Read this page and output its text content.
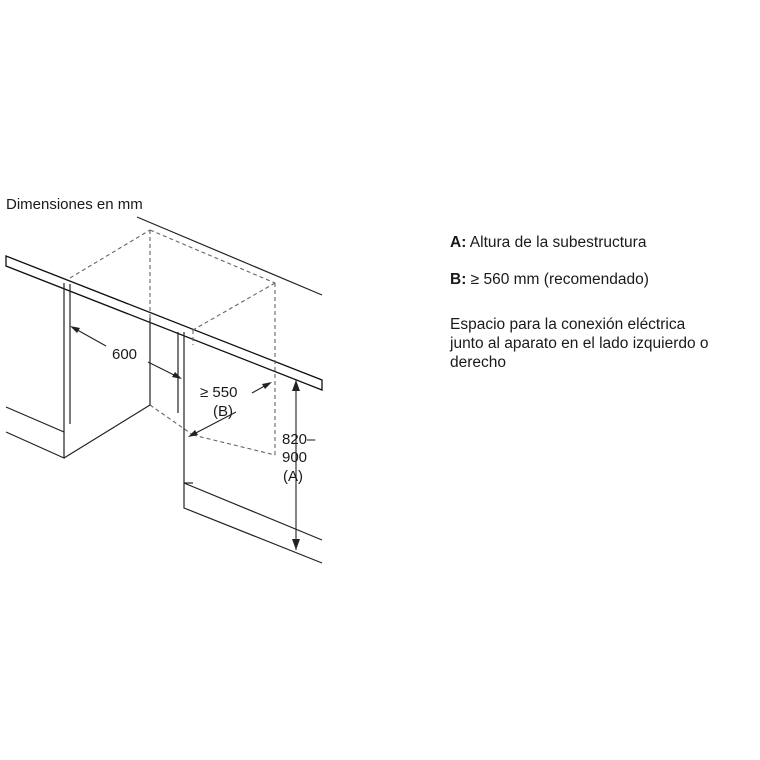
Dimensiones en mm
600
≥ 550
(B)
820–
900
(A)

A: Altura de la subestructura

B: ≥ 560 mm (recomendado)

Espacio para la conexión eléctrica
junto al aparato en el lado izquierdo o
derecho
